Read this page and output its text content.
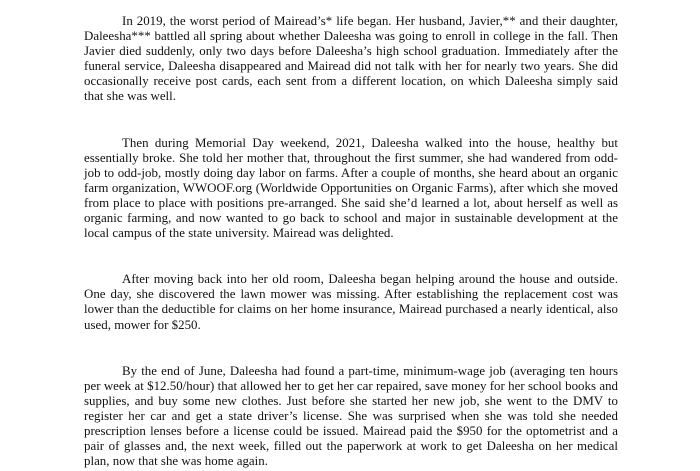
In 2019, the worst period of Mairead’s* life began. Her husband, Javier,** and their daughter, Daleesha*** battled all spring about whether Daleesha was going to enroll in college in the fall. Then Javier died suddenly, only two days before Daleesha’s high school graduation. Immediately after the funeral service, Daleesha disappeared and Mairead did not talk with her for nearly two years. She did occasionally receive post cards, each sent from a different location, on which Daleesha simply said that she was well.

Then during Memorial Day weekend, 2021, Daleesha walked into the house, healthy but essentially broke. She told her mother that, throughout the first summer, she had wandered from odd-job to odd-job, mostly doing day labor on farms. After a couple of months, she heard about an organic farm organization, WWOOF.org (Worldwide Opportunities on Organic Farms), after which she moved from place to place with positions pre-arranged. She said she’d learned a lot, about herself as well as organic farming, and now wanted to go back to school and major in sustainable development at the local campus of the state university. Mairead was delighted.

After moving back into her old room, Daleesha began helping around the house and outside. One day, she discovered the lawn mower was missing. After establishing the replacement cost was lower than the deductible for claims on her home insurance, Mairead purchased a nearly identical, also used, mower for $250.

By the end of June, Daleesha had found a part-time, minimum-wage job (averaging ten hours per week at $12.50/hour) that allowed her to get her car repaired, save money for her school books and supplies, and buy some new clothes. Just before she started her new job, she went to the DMV to register her car and get a state driver’s license. She was surprised when she was told she needed prescription lenses before a license could be issued. Mairead paid the $950 for the optometrist and a pair of glasses and, the next week, filled out the paperwork at work to get Daleesha on her medical plan, now that she was home again.
